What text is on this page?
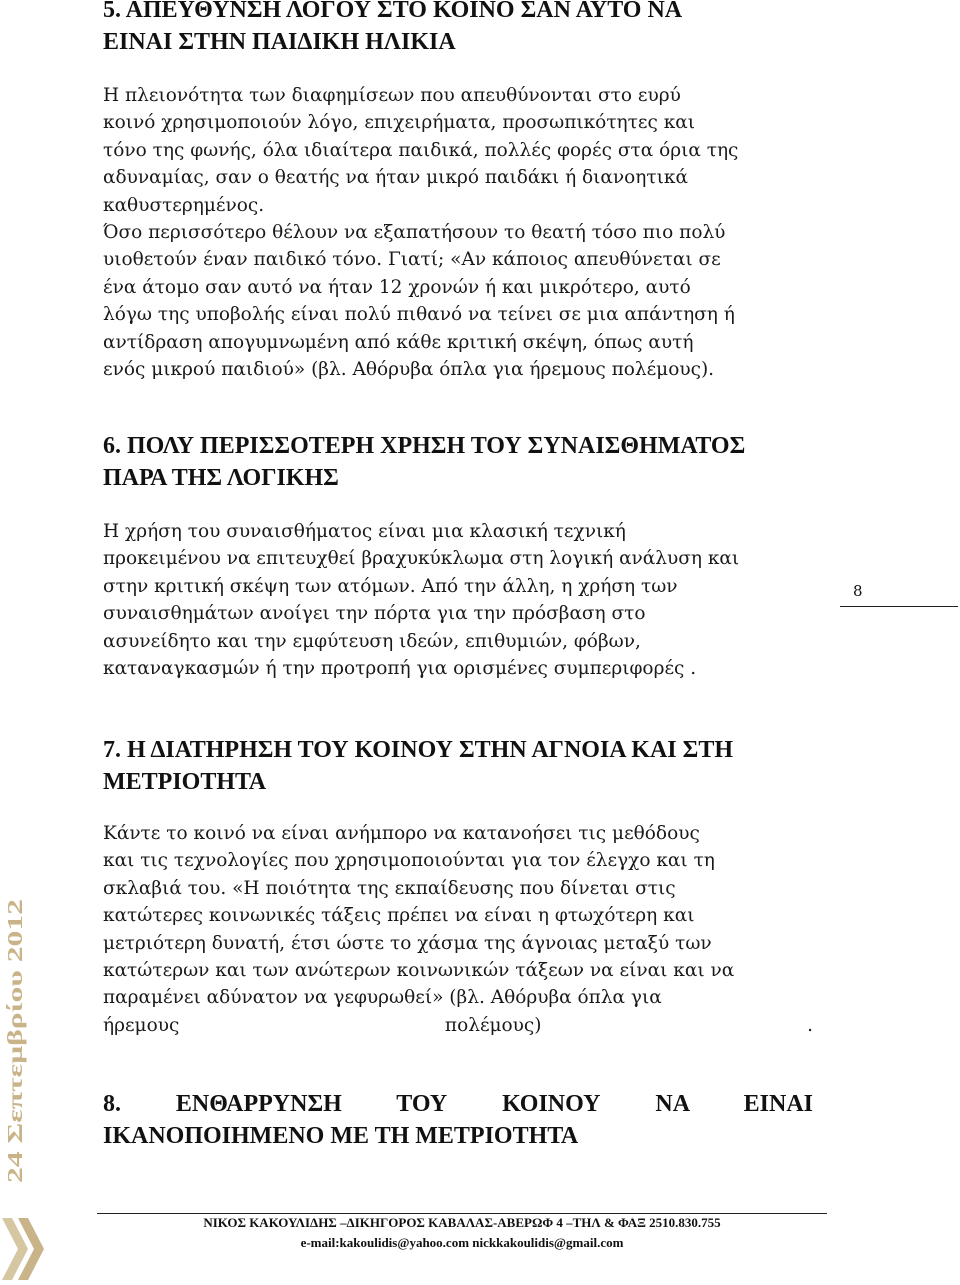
5. ΑΠΕΥΘΥΝΣΗ ΛΟΓΟΥ ΣΤΟ ΚΟΙΝΟ ΣΑΝ ΑΥΤΟ ΝΑ
ΕΙΝΑΙ ΣΤΗΝ ΠΑΙΔΙΚΗ ΗΛΙΚΙΑ
Η πλειονότητα των διαφημίσεων που απευθύνονται στο ευρύ
κοινό χρησιμοποιούν λόγο, επιχειρήματα, προσωπικότητες και
τόνο της φωνής, όλα ιδιαίτερα παιδικά, πολλές φορές στα όρια της
αδυναμίας, σαν ο θεατής να ήταν μικρό παιδάκι ή διανοητικά
καθυστερημένος.
Όσο περισσότερο θέλουν να εξαπατήσουν το θεατή τόσο πιο πολύ
υιοθετούν έναν παιδικό τόνο. Γιατί; «Αν κάποιος απευθύνεται σε
ένα άτομο σαν αυτό να ήταν 12 χρονών ή και μικρότερο, αυτό
λόγω της υποβολής είναι πολύ πιθανό να τείνει σε μια απάντηση ή
αντίδραση απογυμνωμένη από κάθε κριτική σκέψη, όπως αυτή
ενός μικρού παιδιού» (βλ. Αθόρυβα όπλα για ήρεμους πολέμους).
6. ΠΟΛΥ ΠΕΡΙΣΣΟΤΕΡΗ ΧΡΗΣΗ ΤΟΥ ΣΥΝΑΙΣΘΗΜΑΤΟΣ
ΠΑΡΑ ΤΗΣ ΛΟΓΙΚΗΣ
Η χρήση του συναισθήματος είναι μια κλασική τεχνική
προκειμένου να επιτευχθεί βραχυκύκλωμα στη λογική ανάλυση και
στην κριτική σκέψη των ατόμων. Από την άλλη, η χρήση των
συναισθημάτων ανοίγει την πόρτα για την πρόσβαση στο
ασυνείδητο και την εμφύτευση ιδεών, επιθυμιών, φόβων,
καταναγκασμών ή την προτροπή για ορισμένες συμπεριφορές .
8
7. Η ΔΙΑΤΗΡΗΣΗ ΤΟΥ ΚΟΙΝΟΥ ΣΤΗΝ ΑΓΝΟΙΑ ΚΑΙ ΣΤΗ
ΜΕΤΡΙΟΤΗΤΑ
Κάντε το κοινό να είναι ανήμπορο να κατανοήσει τις μεθόδους
και τις τεχνολογίες που χρησιμοποιούνται για τον έλεγχο και τη
σκλαβιά του. «Η ποιότητα της εκπαίδευσης που δίνεται στις
κατώτερες κοινωνικές τάξεις πρέπει να είναι η φτωχότερη και
μετριότερη δυνατή, έτσι ώστε το χάσμα της άγνοιας μεταξύ των
κατώτερων και των ανώτερων κοινωνικών τάξεων να είναι και να
παραμένει αδύνατον να γεφυρωθεί» (βλ. Αθόρυβα όπλα για
ήρεμους πολέμους) .
8. ΕΝΘΑΡΡΥΝΣΗ ΤΟΥ ΚΟΙΝΟΥ ΝΑ ΕΙΝΑΙ
ΙΚΑΝΟΠΟΙΗΜΕΝΟ ΜΕ ΤΗ ΜΕΤΡΙΟΤΗΤΑ
24 Σεπτεμβρίου 2012
ΝΙΚΟΣ ΚΑΚΟΥΛΙΔΗΣ –ΔΙΚΗΓΟΡΟΣ ΚΑΒΑΛΑΣ-ΑΒΕΡΩΦ 4 –ΤΗΛ & ΦΑΞ 2510.830.755
e-mail:kakoulidis@yahoo.com nickkakoulidis@gmail.com
